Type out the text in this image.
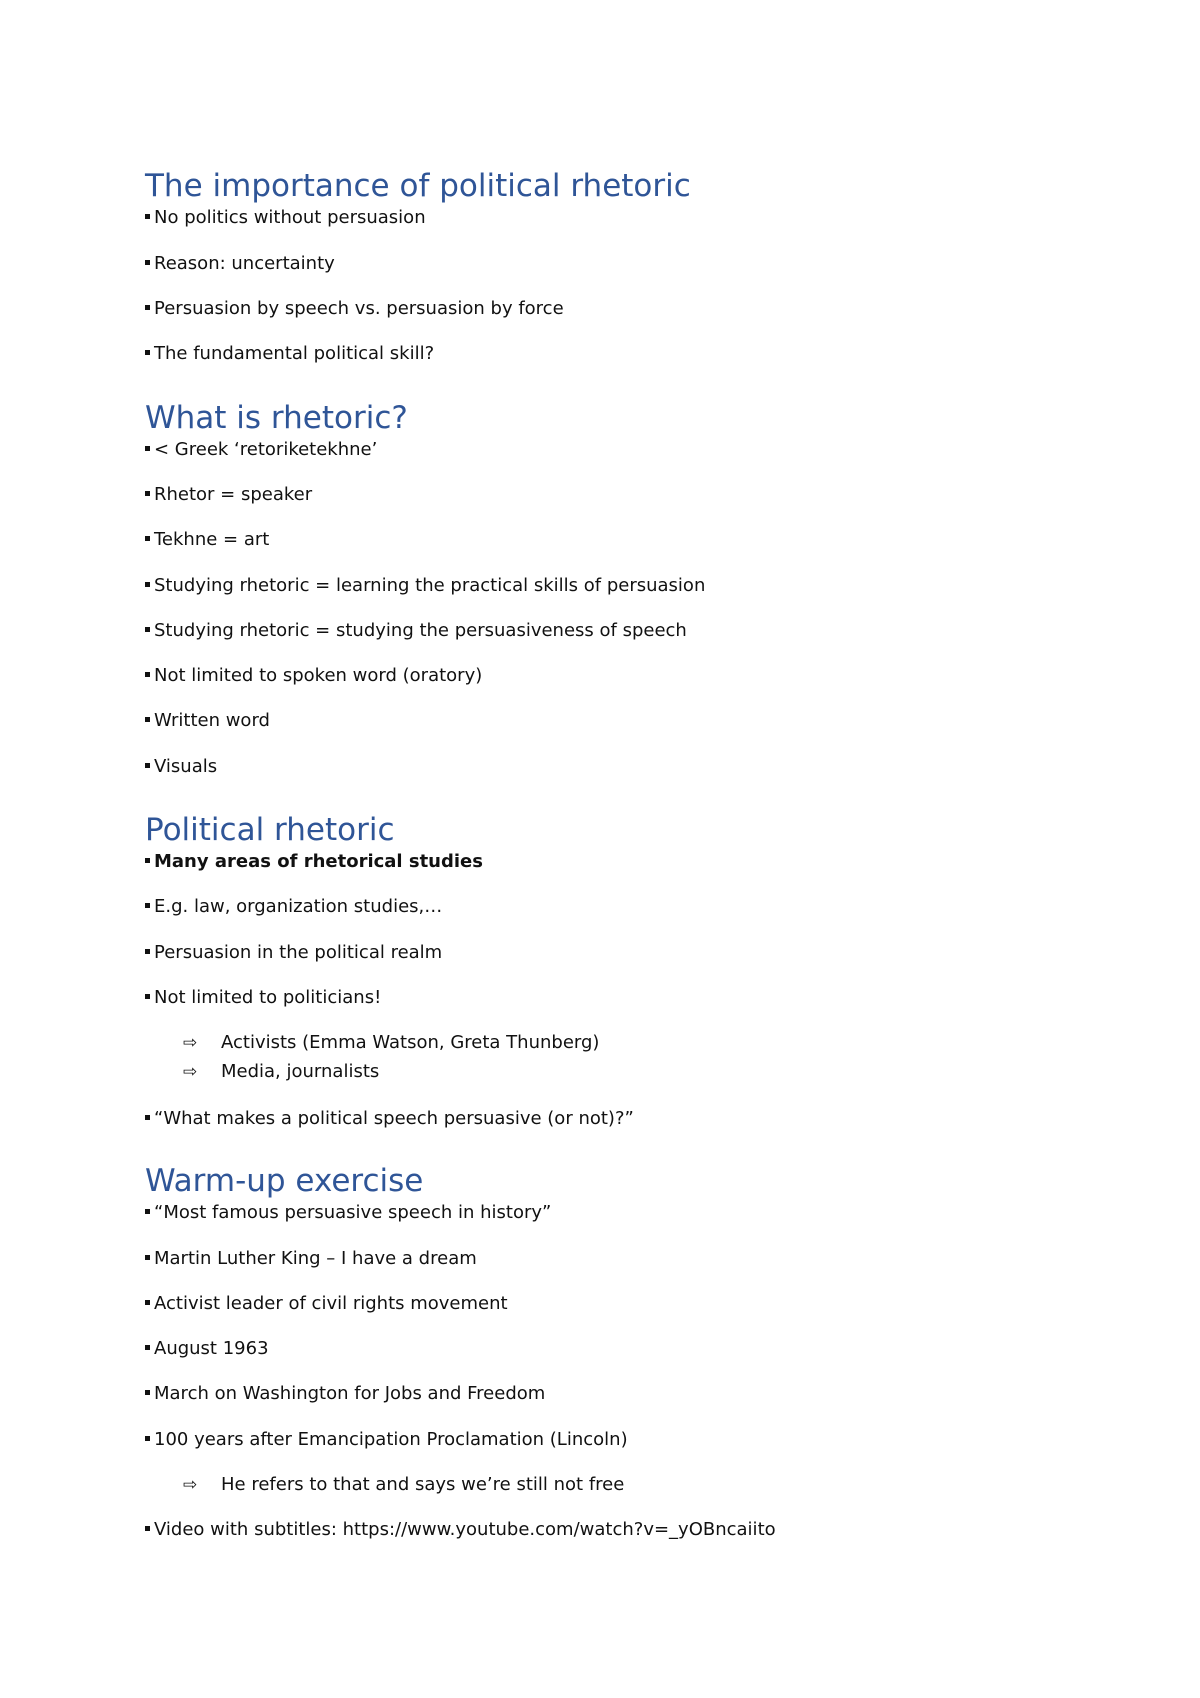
The importance of political rhetoric
No politics without persuasion
Reason: uncertainty
Persuasion by speech vs. persuasion by force
The fundamental political skill?
What is rhetoric?
< Greek ‘retoriketekhne’
Rhetor = speaker
Tekhne = art
Studying rhetoric = learning the practical skills of persuasion
Studying rhetoric = studying the persuasiveness of speech
Not limited to spoken word (oratory)
Written word
Visuals
Political rhetoric
Many areas of rhetorical studies
E.g. law, organization studies,…
Persuasion in the political realm
Not limited to politicians!
⇨ Activists (Emma Watson, Greta Thunberg)
⇨ Media, journalists
“What makes a political speech persuasive (or not)?”
Warm-up exercise
“Most famous persuasive speech in history”
Martin Luther King – I have a dream
Activist leader of civil rights movement
August 1963
March on Washington for Jobs and Freedom
100 years after Emancipation Proclamation (Lincoln)
⇨ He refers to that and says we’re still not free
Video with subtitles: https://www.youtube.com/watch?v=_yOBncaiito
